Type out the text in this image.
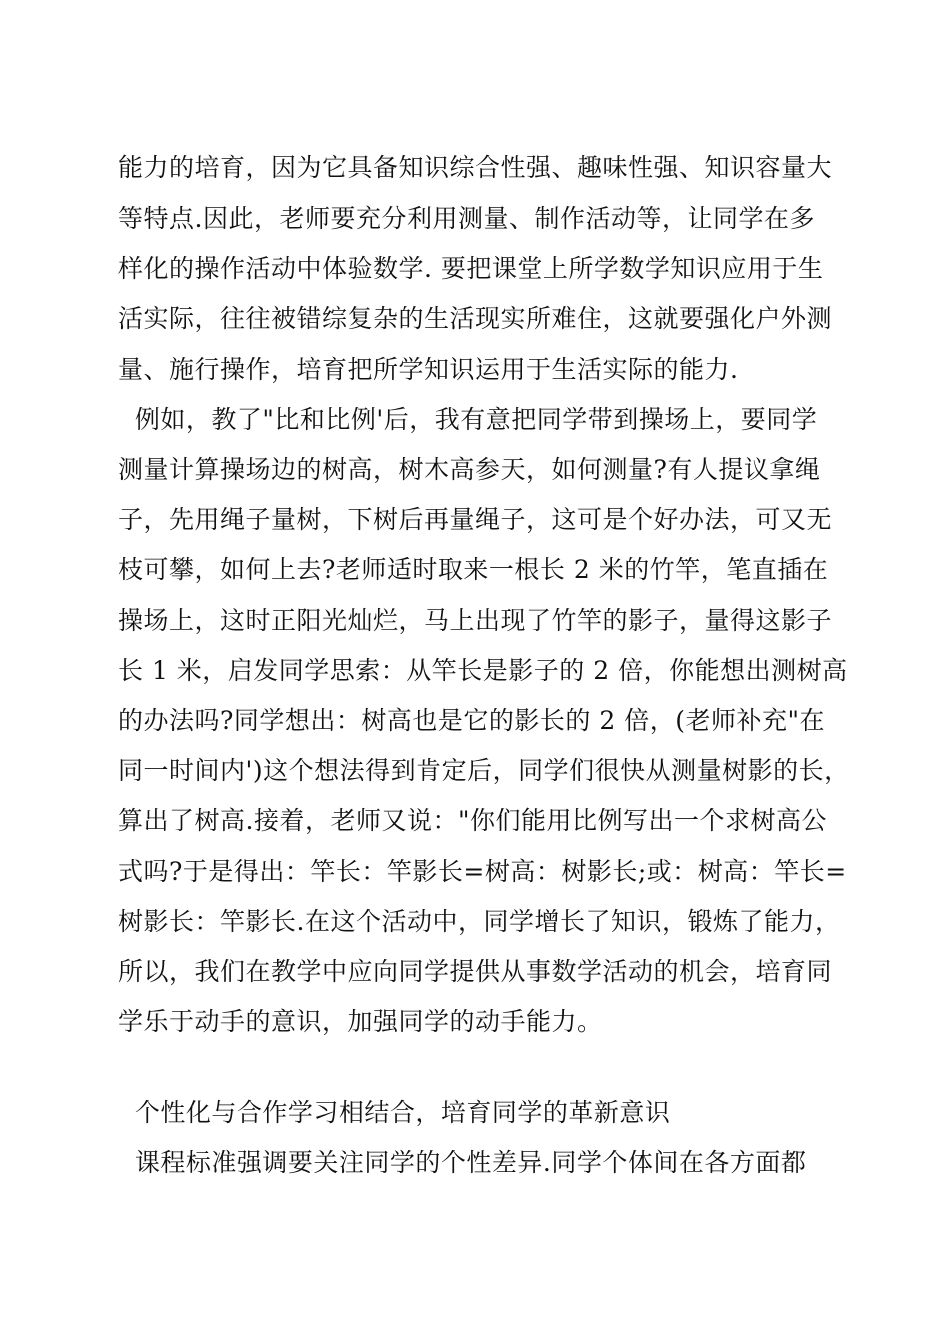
能力的培育，因为它具备知识综合性强、趣味性强、知识容量大
等特点.因此，老师要充分利用测量、制作活动等，让同学在多
样化的操作活动中体验数学. 要把课堂上所学数学知识应用于生
活实际，往往被错综复杂的生活现实所难住，这就要强化户外测
量、施行操作，培育把所学知识运用于生活实际的能力.
例如，教了"比和比例'后，我有意把同学带到操场上，要同学
测量计算操场边的树高，树木高参天，如何测量?有人提议拿绳
子，先用绳子量树，下树后再量绳子，这可是个好办法，可又无
枝可攀，如何上去?老师适时取来一根长 2 米的竹竿，笔直插在
操场上，这时正阳光灿烂，马上出现了竹竿的影子，量得这影子
长 1 米，启发同学思索：从竿长是影子的 2 倍，你能想出测树高
的办法吗?同学想出：树高也是它的影长的 2 倍，(老师补充"在
同一时间内')这个想法得到肯定后，同学们很快从测量树影的长，
算出了树高.接着，老师又说："你们能用比例写出一个求树高公
式吗?于是得出：竿长：竿影长=树高：树影长;或：树高：竿长=
树影长：竿影长.在这个活动中，同学增长了知识，锻炼了能力，
所以，我们在教学中应向同学提供从事数学活动的机会，培育同
学乐于动手的意识，加强同学的动手能力。
个性化与合作学习相结合，培育同学的革新意识
课程标准强调要关注同学的个性差异.同学个体间在各方面都
